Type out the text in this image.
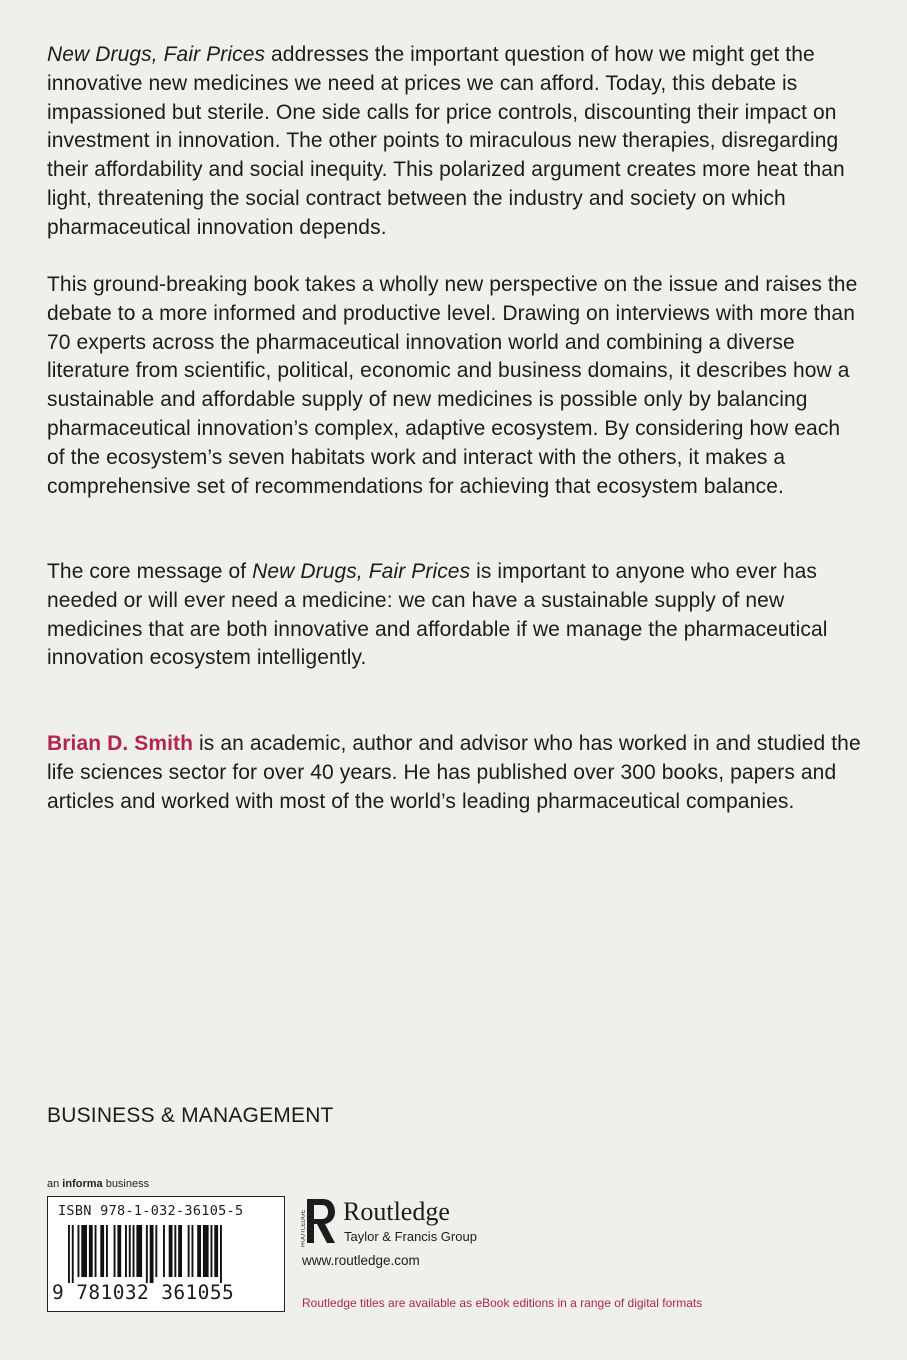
New Drugs, Fair Prices addresses the important question of how we might get the innovative new medicines we need at prices we can afford. Today, this debate is impassioned but sterile. One side calls for price controls, discounting their impact on investment in innovation. The other points to miraculous new therapies, disregarding their affordability and social inequity. This polarized argument creates more heat than light, threatening the social contract between the industry and society on which pharmaceutical innovation depends.

This ground-breaking book takes a wholly new perspective on the issue and raises the debate to a more informed and productive level. Drawing on interviews with more than 70 experts across the pharmaceutical innovation world and combining a diverse literature from scientific, political, economic and business domains, it describes how a sustainable and affordable supply of new medicines is possible only by balancing pharmaceutical innovation’s complex, adaptive ecosystem. By considering how each of the ecosystem’s seven habitats work and interact with the others, it makes a comprehensive set of recommendations for achieving that ecosystem balance.

The core message of New Drugs, Fair Prices is important to anyone who ever has needed or will ever need a medicine: we can have a sustainable supply of new medicines that are both innovative and affordable if we manage the pharmaceutical innovation ecosystem intelligently.

Brian D. Smith is an academic, author and advisor who has worked in and studied the life sciences sector for over 40 years. He has published over 300 books, papers and articles and worked with most of the world’s leading pharmaceutical companies.

BUSINESS & MANAGEMENT
an informa business
ISBN 978-1-032-36105-5
9 781032 361055
ROUTLEDGE Routledge
Taylor & Francis Group
www.routledge.com
Routledge titles are available as eBook editions in a range of digital formats
